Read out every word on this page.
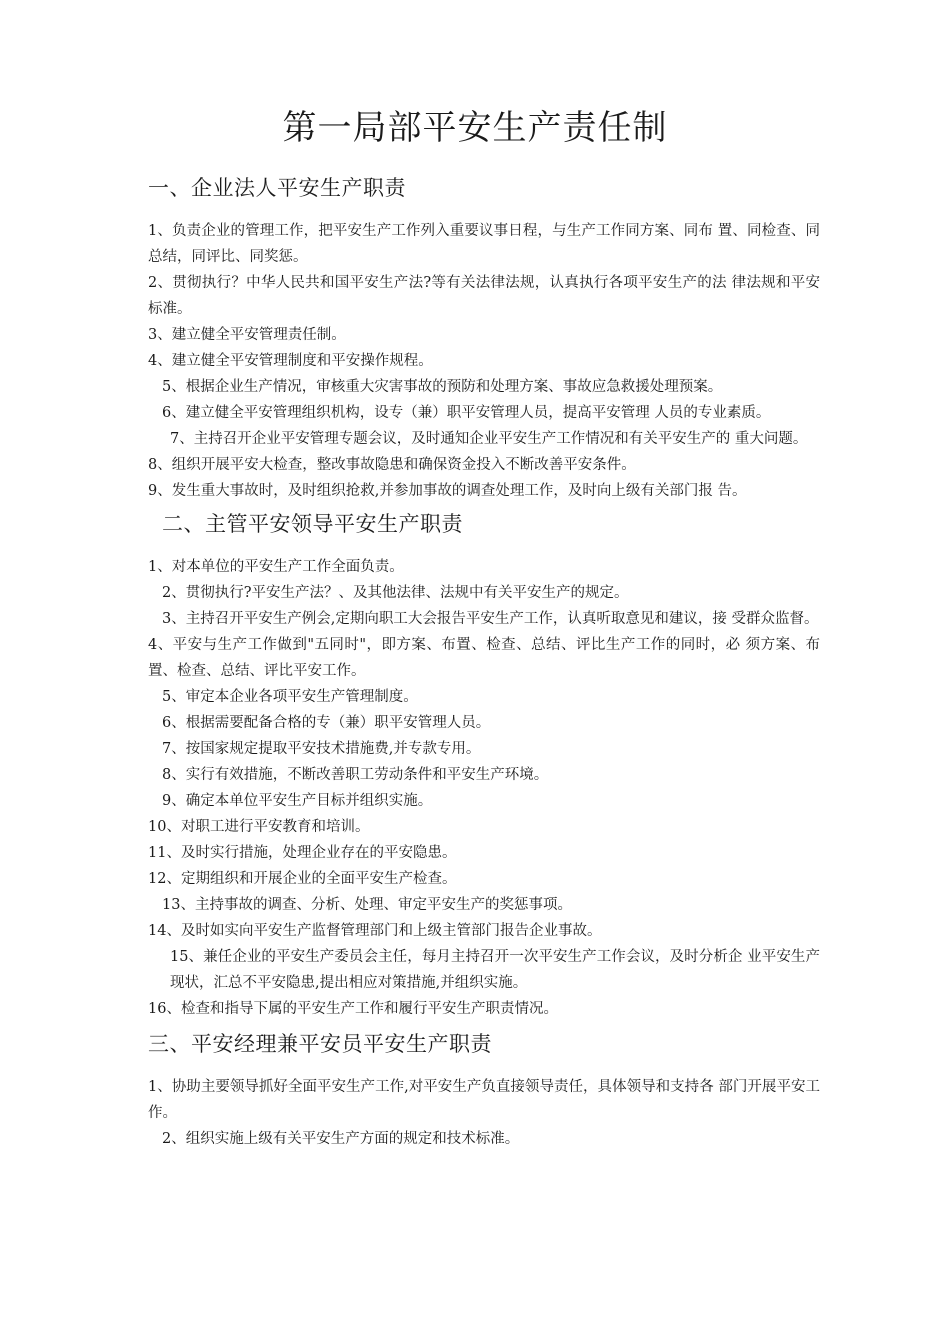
第一局部平安生产责任制
一、企业法人平安生产职责

1、负责企业的管理工作，把平安生产工作列入重要议事日程，与生产工作同方案、同布 置、同检查、同总结，同评比、同奖惩。

2、贯彻执行？中华人民共和国平安生产法?等有关法律法规，认真执行各项平安生产的法 律法规和平安标准。

3、建立健全平安管理责任制。

4、建立健全平安管理制度和平安操作规程。

5、根据企业生产情况，审核重大灾害事故的预防和处理方案、事故应急救援处理预案。

6、建立健全平安管理组织机构，设专（兼）职平安管理人员，提高平安管理 人员的专业素质。

7、主持召开企业平安管理专题会议，及时通知企业平安生产工作情况和有关平安生产的 重大问题。

8、组织开展平安大检查，整改事故隐患和确保资金投入不断改善平安条件。

9、发生重大事故时，及时组织抢救,并参加事故的调查处理工作，及时向上级有关部门报 告。

二、主管平安领导平安生产职责

1、对本单位的平安生产工作全面负责。

2、贯彻执行?平安生产法？、及其他法律、法规中有关平安生产的规定。

3、主持召开平安生产例会,定期向职工大会报告平安生产工作，认真听取意见和建议，接 受群众监督。

4、平安与生产工作做到"五同时"，即方案、布置、检查、总结、评比生产工作的同时，必 须方案、布置、检查、总结、评比平安工作。

5、审定本企业各项平安生产管理制度。

6、根据需要配备合格的专（兼）职平安管理人员。

7、按国家规定提取平安技术措施费,并专款专用。

8、实行有效措施，不断改善职工劳动条件和平安生产环境。

9、确定本单位平安生产目标并组织实施。

10、对职工进行平安教育和培训。

11、及时实行措施，处理企业存在的平安隐患。

12、定期组织和开展企业的全面平安生产检查。

13、主持事故的调查、分析、处理、审定平安生产的奖惩事项。

14、及时如实向平安生产监督管理部门和上级主管部门报告企业事故。

15、兼任企业的平安生产委员会主任，每月主持召开一次平安生产工作会议，及时分析企 业平安生产现状，汇总不平安隐患,提出相应对策措施,并组织实施。

16、检查和指导下属的平安生产工作和履行平安生产职责情况。

三、平安经理兼平安员平安生产职责

1、协助主要领导抓好全面平安生产工作,对平安生产负直接领导责任，具体领导和支持各 部门开展平安工作。

2、组织实施上级有关平安生产方面的规定和技术标准。
